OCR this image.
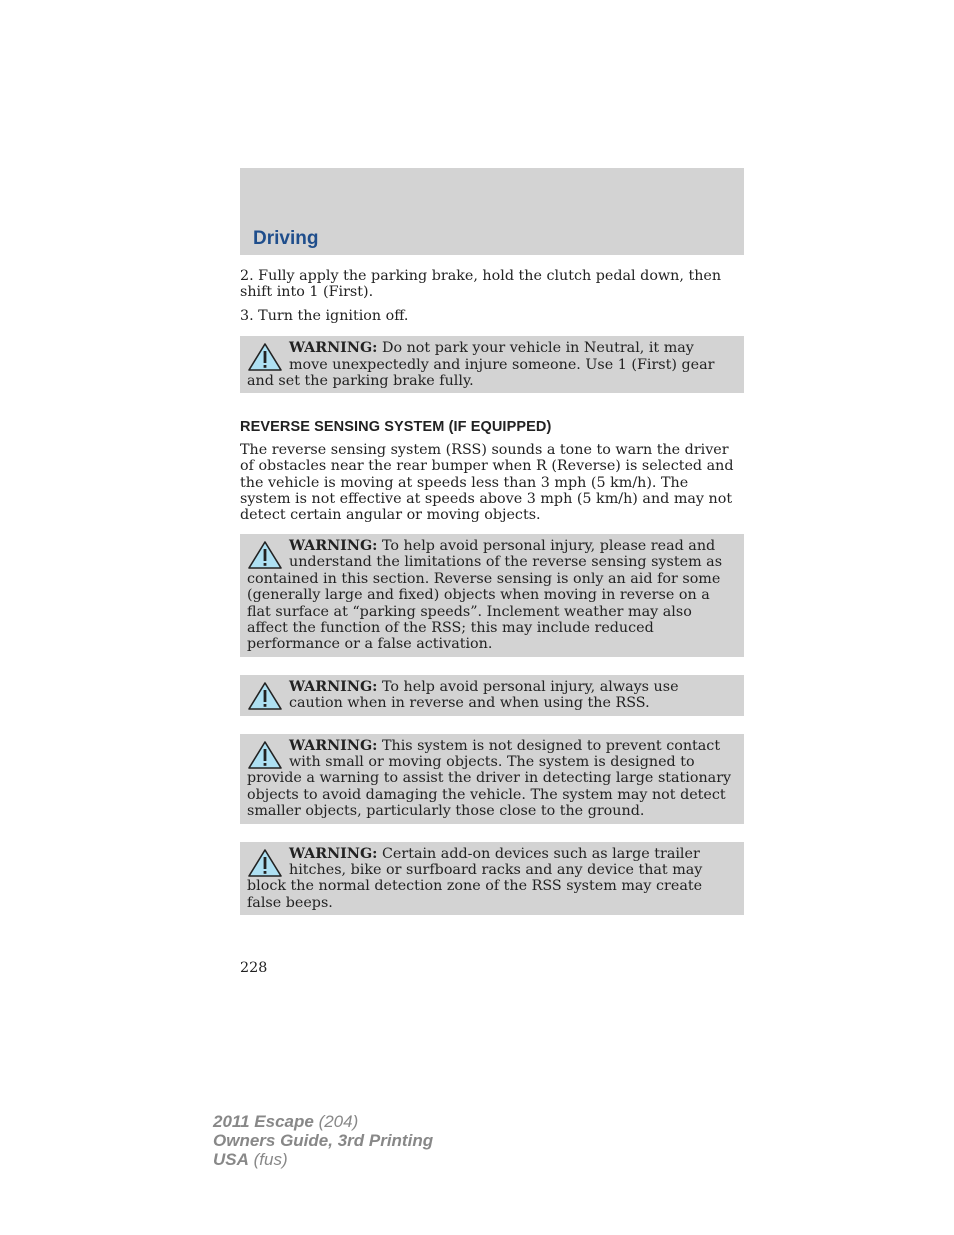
Driving

2. Fully apply the parking brake, hold the clutch pedal down, then shift into 1 (First).

3. Turn the ignition off.

WARNING: Do not park your vehicle in Neutral, it may move unexpectedly and injure someone. Use 1 (First) gear and set the parking brake fully.

REVERSE SENSING SYSTEM (IF EQUIPPED)

The reverse sensing system (RSS) sounds a tone to warn the driver of obstacles near the rear bumper when R (Reverse) is selected and the vehicle is moving at speeds less than 3 mph (5 km/h). The system is not effective at speeds above 3 mph (5 km/h) and may not detect certain angular or moving objects.

WARNING: To help avoid personal injury, please read and understand the limitations of the reverse sensing system as contained in this section. Reverse sensing is only an aid for some (generally large and fixed) objects when moving in reverse on a flat surface at “parking speeds”. Inclement weather may also affect the function of the RSS; this may include reduced performance or a false activation.
WARNING: To help avoid personal injury, always use caution when in reverse and when using the RSS.
WARNING: This system is not designed to prevent contact with small or moving objects. The system is designed to provide a warning to assist the driver in detecting large stationary objects to avoid damaging the vehicle. The system may not detect smaller objects, particularly those close to the ground.
WARNING: Certain add-on devices such as large trailer hitches, bike or surfboard racks and any device that may block the normal detection zone of the RSS system may create false beeps.
228
2011 Escape (204)
Owners Guide, 3rd Printing
USA (fus)
